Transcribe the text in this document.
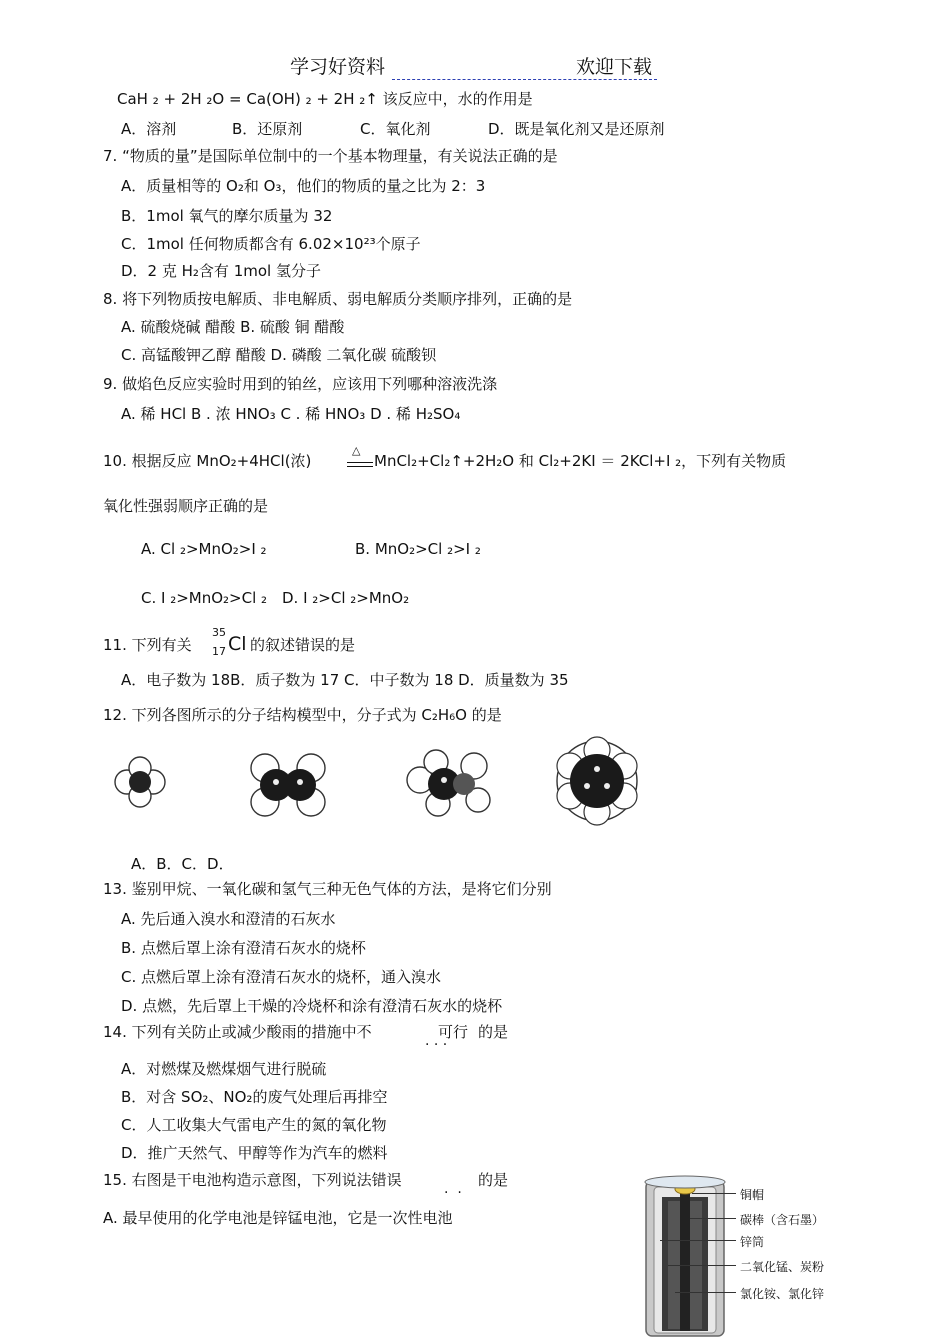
学习好资料	欢迎下载
CaH ₂ + 2H ₂O = Ca(OH) ₂ + 2H ₂↑ 该反应中，水的作用是
A．溶剂	B．还原剂	C．氧化剂	D．既是氧化剂又是还原剂
7. “物质的量”是国际单位制中的一个基本物理量，有关说法正确的是
A．质量相等的 O₂和 O₃，他们的物质的量之比为 2：3
B．1mol 氧气的摩尔质量为 32
C．1mol 任何物质都含有 6.02×10²³个原子
D．2 克 H₂含有 1mol 氢分子
8. 将下列物质按电解质、非电解质、弱电解质分类顺序排列，正确的是
A. 硫酸烧碱 醋酸 B. 硫酸 铜 醋酸
C. 高锰酸钾乙醇 醋酸 D. 磷酸 二氧化碳 硫酸钡
9. 做焰色反应实验时用到的铂丝，应该用下列哪种溶液洗涤
A. 稀 HCl B . 浓 HNO₃ C . 稀 HNO₃ D . 稀 H₂SO₄
10. 根据反应 MnO₂+4HCl(浓)
△
MnCl₂+Cl₂↑+2H₂O 和 Cl₂+2KI ＝ 2KCl+I ₂，下列有关物质
氧化性强弱顺序正确的是
A. Cl ₂>MnO₂>I ₂	B. MnO₂>Cl ₂>I ₂
C. I ₂>MnO₂>Cl ₂ D. I ₂>Cl ₂>MnO₂
11. 下列有关
35
17 Cl 的叙述错误的是
A．电子数为 18B．质子数为 17 C．中子数为 18 D．质量数为 35
12. 下列各图所示的分子结构模型中，分子式为 C₂H₆O 的是
A．B．C．D．
13. 鉴别甲烷、一氧化碳和氢气三种无色气体的方法，是将它们分别
A. 先后通入溴水和澄清的石灰水
B. 点燃后罩上涂有澄清石灰水的烧杯
C. 点燃后罩上涂有澄清石灰水的烧杯，通入溴水
D. 点燃，先后罩上干燥的冷烧杯和涂有澄清石灰水的烧杯
14. 下列有关防止或减少酸雨的措施中不	可行
· · ·
的是
A．对燃煤及燃煤烟气进行脱硫
B．对含 SO₂、NO₂的废气处理后再排空
C．人工收集大气雷电产生的氮的氧化物
D．推广天然气、甲醇等作为汽车的燃料
15. 右图是干电池构造示意图，下列说法错误
·  ·
的是
A. 最早使用的化学电池是锌锰电池，它是一次性电池
铜帽
碳棒（含石墨）
锌筒
二氧化锰、炭粉
氯化铵、氯化锌
